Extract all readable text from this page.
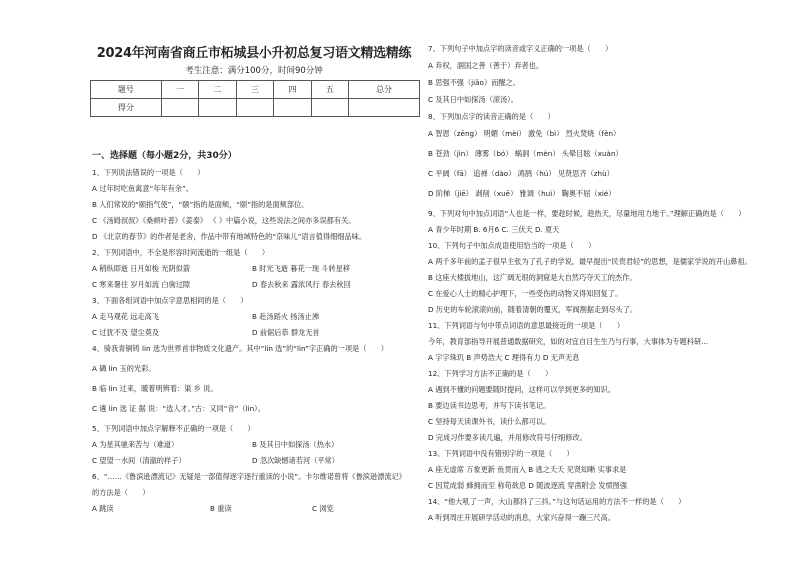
2024年河南省商丘市柘城县小升初总复习语文精选精练
考生注意：满分100分，时间90分钟
题号	一	二	三	四	五	总分
得分						
一、选择题（每小题2分，共30分）
1、下列说法错误的一项是（　　）
A 过年时吃鱼寓意“年年有余”。
B 人们常说的“颐指气使”，“颐”指的是面颊，“颐”指的是面颊部位。
C 《汤姆叔叔》《桑顿叶普》《姜泰》 《 》中篇小说，这些说法之间亦多误都有关。
D 《北京的春节》的作者是老舍，作品中带有地域特色的“京味儿”语言值得细细品味。
2、下列词语中，不全是形容时间流逝的一组是（　　）
A 稍纵即逝 日月如梭 光阴似箭	B 时光飞逝 暮花一现 斗转星移
C 寒来暑往 岁月如流 白驹过隙	D 春去秋来 露浓风行 春去秋回
3、下面各组词语中加点字意思相同的是（　　）
A 走马观花 远走高飞	B 赴汤蹈火 扬汤止沸
C 过犹不及 望尘莫及	D 前倨后恭 群龙无首
4、骑我青铜铸 lin 选为世界首非物质文化遗产。其中“lin 选”的“lin”字正确的一项是（　　）
A 磷 lin 玉的光彩。
B 临 lin 过来，暖着明辨着：渠 乡 说。
C 遴 lin 选 证 据 说：“选人才。”古：又同“音”（lin）。
5、下列词语中加点字解释不正确的一项是（　　）
A 为星其驰来苦与（难道）	B 及其日中如探汤（热水）
C 望望一水间（清澈的样子）	D 忽次缺憾诸若河（平常）
6、“……《鲁滨逊漂流记》无疑是一部值得逐字逐行重读的小说”。卡尔维诺曾将《鲁滨逊漂流记》
的方法是（　　）
A 跳读	B 重读	C 浏览
7、下列句子中加点字的读音或字义正确的一项是（　　）
A 弃权，涸国之善（善于）弃者也。
B 思强不强（jiǎo）而醒之。
C 及其日中如探汤（滚汤）。
8、下列加点字的读音正确的是（　　）
A 智恩（zēng） 明媚（mèi） 激免（bì） 烈火焚烧（fèn）
B 苍劲（jìn） 薄雾（bó） 蜗洞（mèn） 头晕目眩（xuàn）
C 平阔（fā） 追禅（dào） 鸿鹄（hú） 见贤思齐（zhù）
D 阶梯（jiē） 剥削（xuē） 雅调（huì） 鞠奥不屈（xié）
9、下列对句中加点词语“人也是一样，要趁时候，趁热天，尽量地用力地干。”理解正确的是（　　）
A 青少年时期 B. 6月6 C. 三伏天 D. 夏天
10、下列句子中加点成语使用恰当的一项是（　　）
A 两千多年前的孟子很早主张为了孔子的学说，最早提出“民贵君轻”的思想，是儒家学说的开山鼻祖。
B 这座大楼拔地山，这广阔无垠的洞窟是大自然巧夺天工的杰作。
C 在爱心人士的精心护理下，一些受伤的动物又得知回复了。
D 历史的车轮滚滚向前，随着清朝的覆灭，军阀割据走到尽头了。
11、下列词语与句中带点词语的意思最接近的一项是（　　）
今年，教育部指导开展普通数据研究，如的对宜自目生生乃与行事，大事体为专题科研...
A 字字珠玑 B 声势浩大 C 理得有力 D 无声无息
12、下列学习方法不正确的是（　　）
A 遇到不懂的问题要随时提问，这样可以学到更多的知识。
B 要边读书边思考，并写下读书笔记。
C 坚持每天读课外书，读什么都可以。
D 完成习作要多读几遍，并用修改符号仔细修改。
13、下列词语中没有错别字的一项是（　　）
A 座无虚席 万象更新 鱼贯而入 B 逃之夭夭 见贤知晰 实事求是
C 因荒成弱 蜂拥而至 称苟欲息 D 随波逐流 穿凿附会 发愤图强
14、“他大吼了一声，大山都抖了三抖。”与这句话运用的方法不一样的是（　　）
A 听到周庄开展研学活动的消息，大家兴奋得一蹦三尺高。
